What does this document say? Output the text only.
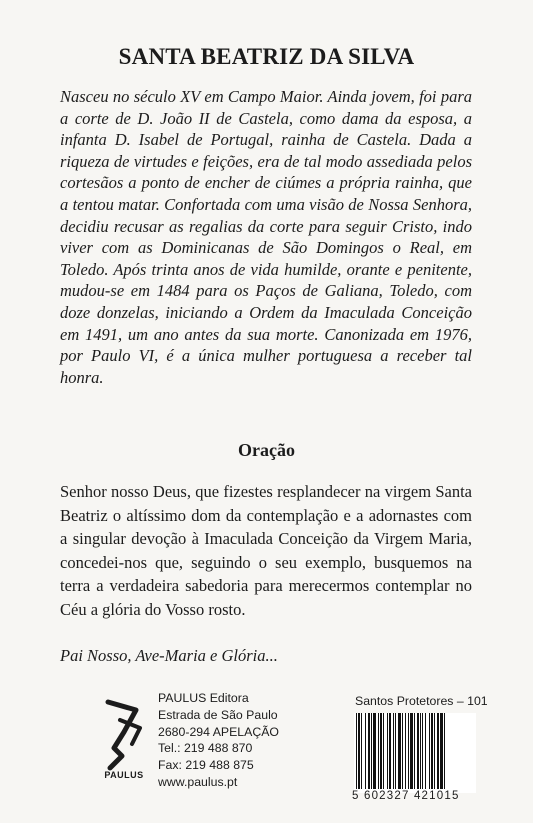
SANTA BEATRIZ DA SILVA

Nasceu no século XV em Campo Maior. Ainda jovem, foi para a corte de D. João II de Castela, como dama da esposa, a infanta D. Isabel de Portugal, rainha de Castela. Dada a riqueza de virtudes e feições, era de tal modo assediada pelos cortesãos a ponto de encher de ciúmes a própria rainha, que a tentou matar. Confortada com uma visão de Nossa Senhora, decidiu recusar as regalias da corte para seguir Cristo, indo viver com as Dominicanas de São Domingos o Real, em Toledo. Após trinta anos de vida humilde, orante e penitente, mudou-se em 1484 para os Paços de Galiana, Toledo, com doze donzelas, iniciando a Ordem da Imaculada Conceição em 1491, um ano antes da sua morte. Canonizada em 1976, por Paulo VI, é a única mulher portuguesa a receber tal honra.

Oração

Senhor nosso Deus, que fizestes resplandecer na virgem Santa Beatriz o altíssimo dom da contemplação e a adornastes com a singular devoção à Imaculada Conceição da Virgem Maria, concedei-nos que, seguindo o seu exemplo, busquemos na terra a verdadeira sabedoria para merecermos contemplar no Céu a glória do Vosso rosto.

Pai Nosso, Ave-Maria e Glória...

PAULUS
PAULUS Editora
Estrada de São Paulo
2680-294 APELAÇÃO
Tel.: 219 488 870
Fax: 219 488 875
www.paulus.pt
Santos Protetores – 101
5 602327 421015
